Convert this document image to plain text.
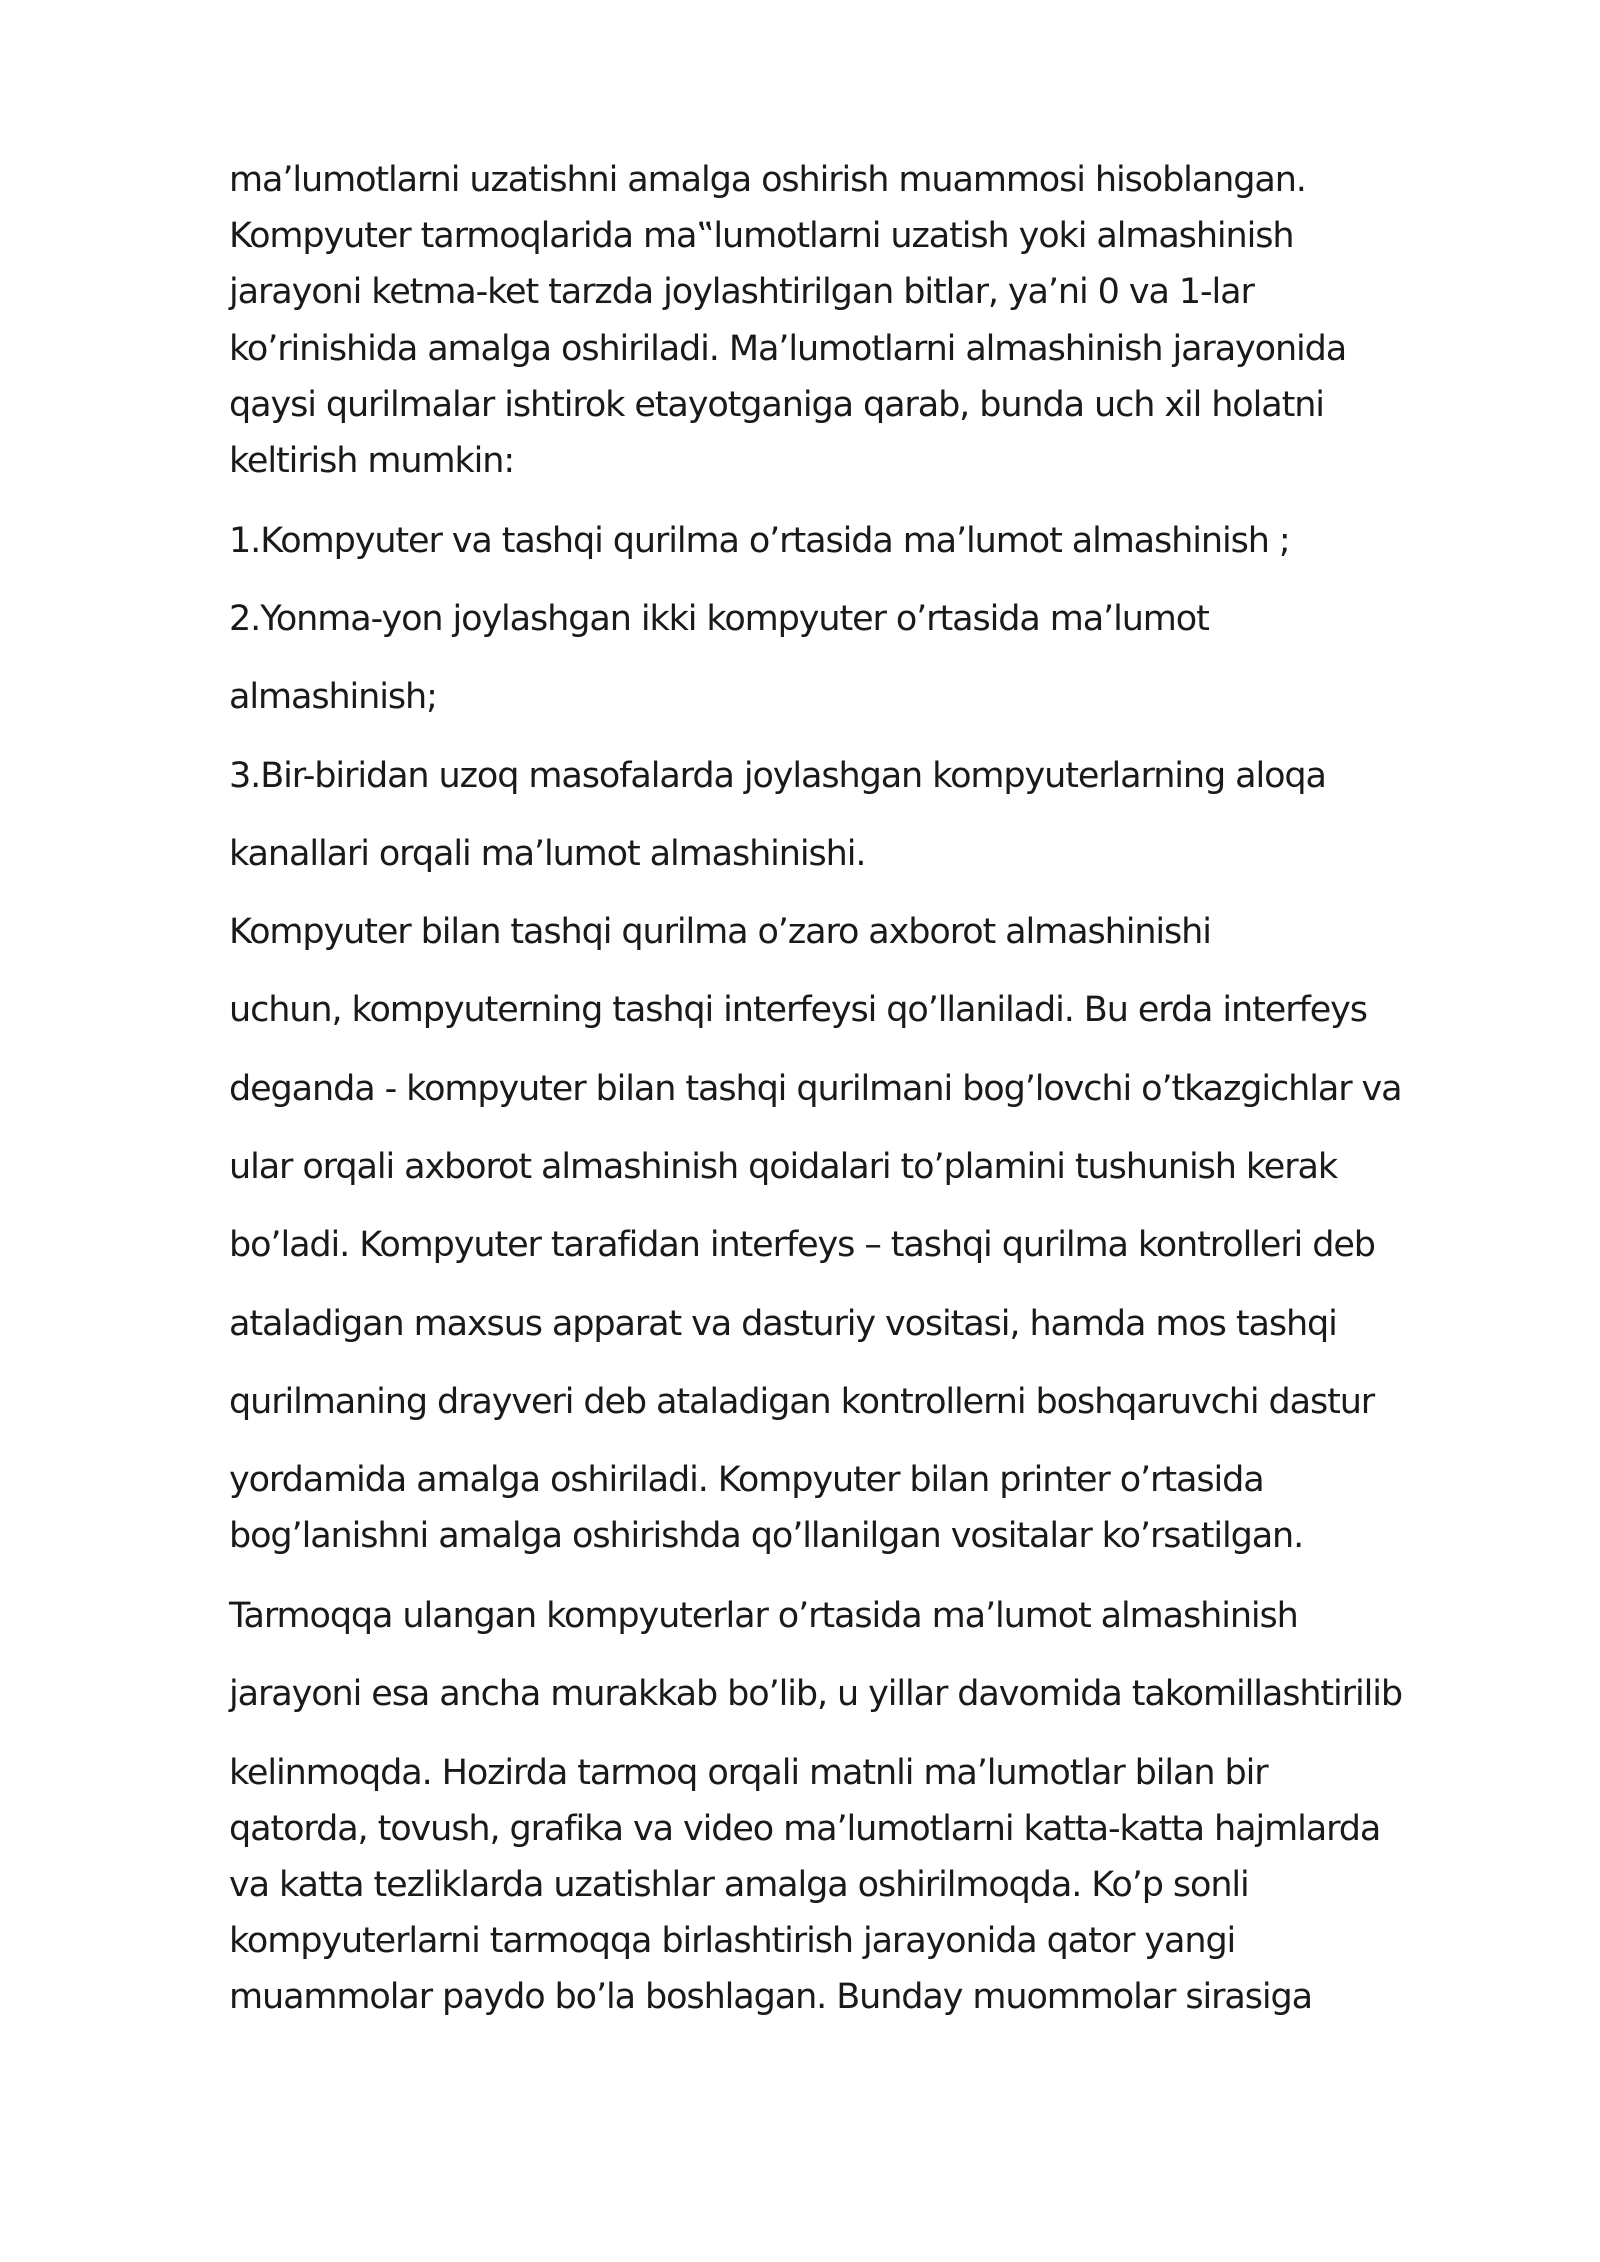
ma’lumotlarni uzatishni amalga oshirish muammosi hisoblangan.
Kompyuter tarmoqlarida ma‟lumotlarni uzatish yoki almashinish
jarayoni ketma-ket tarzda joylashtirilgan bitlar, ya’ni 0 va 1-lar
ko’rinishida amalga oshiriladi. Ma’lumotlarni almashinish jarayonida
qaysi qurilmalar ishtirok etayotganiga qarab, bunda uch xil holatni
keltirish mumkin:
1.Kompyuter va tashqi qurilma o’rtasida ma’lumot almashinish ;
2.Yonma-yon joylashgan ikki kompyuter o’rtasida ma’lumot
almashinish;
3.Bir-biridan uzoq masofalarda joylashgan kompyuterlarning aloqa
kanallari orqali ma’lumot almashinishi.
Kompyuter bilan tashqi qurilma o’zaro axborot almashinishi
uchun, kompyuterning tashqi interfeysi qo’llaniladi. Bu erda interfeys
deganda - kompyuter bilan tashqi qurilmani bog’lovchi o’tkazgichlar va
ular orqali axborot almashinish qoidalari to’plamini tushunish kerak
bo’ladi. Kompyuter tarafidan interfeys – tashqi qurilma kontrolleri deb
ataladigan maxsus apparat va dasturiy vositasi, hamda mos tashqi
qurilmaning drayveri deb ataladigan kontrollerni boshqaruvchi dastur
yordamida amalga oshiriladi. Kompyuter bilan printer o’rtasida
bog’lanishni amalga oshirishda qo’llanilgan vositalar ko’rsatilgan.
Tarmoqqa ulangan kompyuterlar o’rtasida ma’lumot almashinish
jarayoni esa ancha murakkab bo’lib, u yillar davomida takomillashtirilib
kelinmoqda. Hozirda tarmoq orqali matnli ma’lumotlar bilan bir
qatorda, tovush, grafika va video ma’lumotlarni katta-katta hajmlarda
va katta tezliklarda uzatishlar amalga oshirilmoqda. Ko’p sonli
kompyuterlarni tarmoqqa birlashtirish jarayonida qator yangi
muammolar paydo bo’la boshlagan. Bunday muommolar sirasiga
